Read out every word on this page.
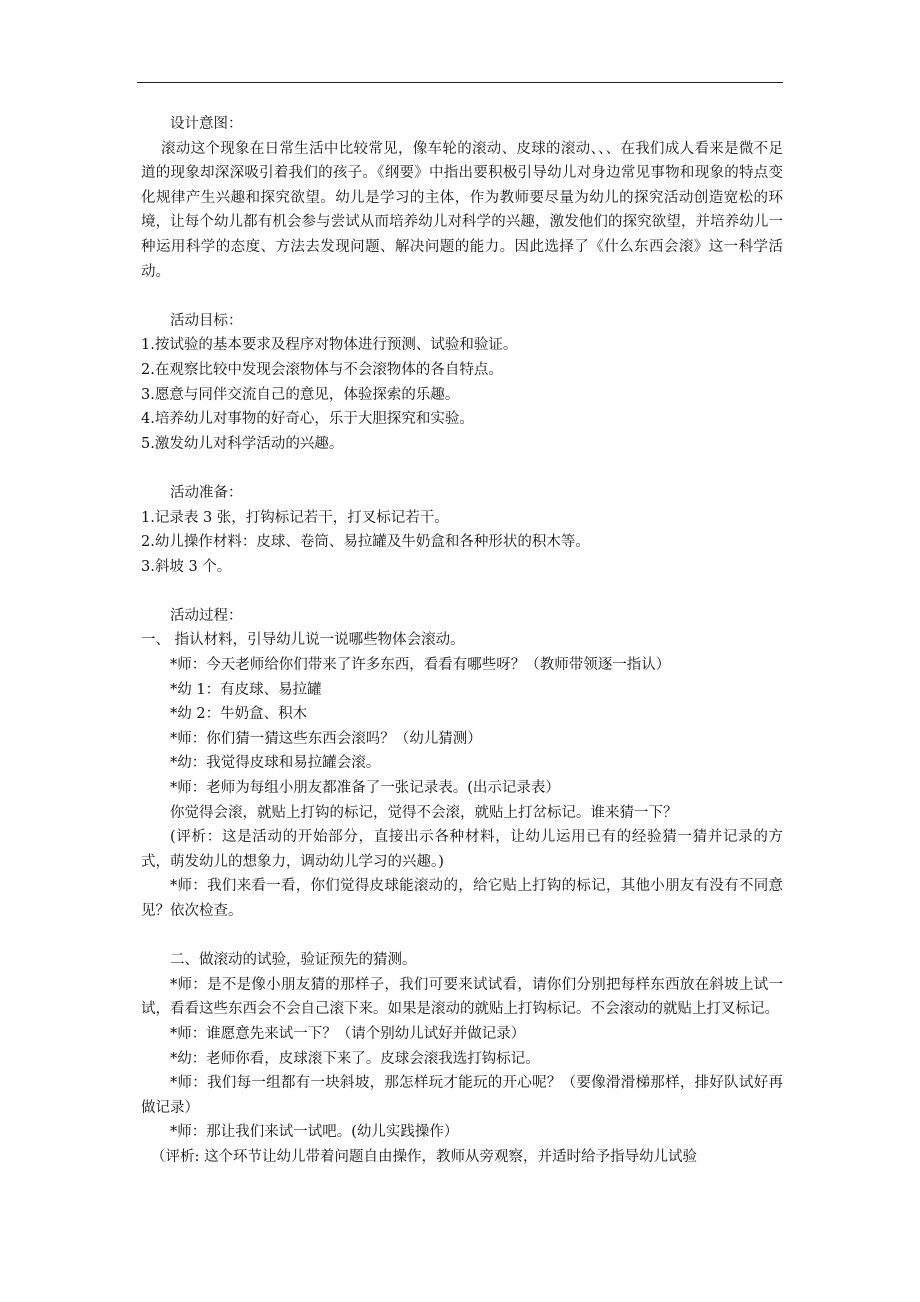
设计意图：

滚动这个现象在日常生活中比较常见，像车轮的滚动、皮球的滚动、、、在我们成人看来是微不足道的现象却深深吸引着我们的孩子。《纲要》中指出要积极引导幼儿对身边常见事物和现象的特点变化规律产生兴趣和探究欲望。幼儿是学习的主体，作为教师要尽量为幼儿的探究活动创造宽松的环境，让每个幼儿都有机会参与尝试从而培养幼儿对科学的兴趣，激发他们的探究欲望，并培养幼儿一种运用科学的态度、方法去发现问题、解决问题的能力。因此选择了《什么东西会滚》这一科学活动。

活动目标：

1.按试验的基本要求及程序对物体进行预测、试验和验证。

2.在观察比较中发现会滚物体与不会滚物体的各自特点。

3.愿意与同伴交流自己的意见，体验探索的乐趣。

4.培养幼儿对事物的好奇心，乐于大胆探究和实验。

5.激发幼儿对科学活动的兴趣。

活动准备：

1.记录表 3 张，打钩标记若干，打叉标记若干。

2.幼儿操作材料：皮球、卷筒、易拉罐及牛奶盒和各种形状的积木等。

3.斜坡 3 个。

活动过程：

一、 指认材料，引导幼儿说一说哪些物体会滚动。

*师：今天老师给你们带来了许多东西，看看有哪些呀？（教师带领逐一指认）

*幼 1：有皮球、易拉罐

*幼 2：牛奶盒、积木

*师：你们猜一猜这些东西会滚吗？（幼儿猜测）

*幼：我觉得皮球和易拉罐会滚。

*师：老师为每组小朋友都准备了一张记录表。(出示记录表）

你觉得会滚，就贴上打钩的标记，觉得不会滚，就贴上打岔标记。谁来猜一下？

(评析：这是活动的开始部分，直接出示各种材料，让幼儿运用已有的经验猜一猜并记录的方式，萌发幼儿的想象力，调动幼儿学习的兴趣。)

*师：我们来看一看，你们觉得皮球能滚动的，给它贴上打钩的标记，其他小朋友有没有不同意见？依次检查。

二、做滚动的试验，验证预先的猜测。

*师：是不是像小朋友猜的那样子，我们可要来试试看，请你们分别把每样东西放在斜坡上试一试，看看这些东西会不会自己滚下来。如果是滚动的就贴上打钩标记。不会滚动的就贴上打叉标记。

*师：谁愿意先来试一下？（请个别幼儿试好并做记录）

*幼：老师你看，皮球滚下来了。皮球会滚我选打钩标记。

*师：我们每一组都有一块斜坡，那怎样玩才能玩的开心呢？（要像滑滑梯那样，排好队试好再做记录）

*师：那让我们来试一试吧。(幼儿实践操作）

（评析: 这个环节让幼儿带着问题自由操作，教师从旁观察，并适时给予指导幼儿试验
